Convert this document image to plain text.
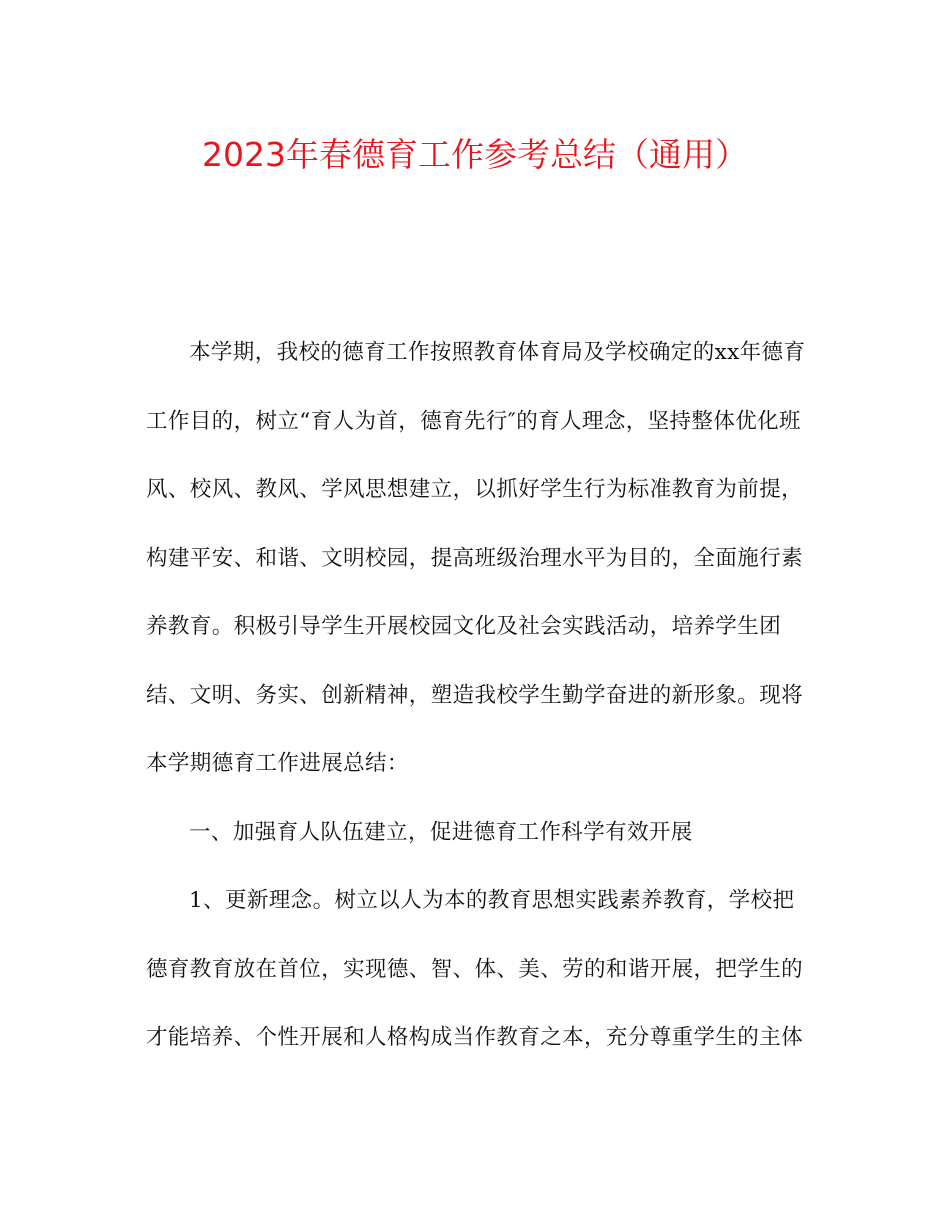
2023年春德育工作参考总结（通用）
本学期，我校的德育工作按照教育体育局及学校确定的xx年德育
工作目的，树立“育人为首，德育先行″的育人理念，坚持整体优化班
风、校风、教风、学风思想建立，以抓好学生行为标准教育为前提，
构建平安、和谐、文明校园，提高班级治理水平为目的，全面施行素
养教育。积极引导学生开展校园文化及社会实践活动，培养学生团
结、文明、务实、创新精神，塑造我校学生勤学奋进的新形象。现将
本学期德育工作进展总结：
一、加强育人队伍建立，促进德育工作科学有效开展
1、更新理念。树立以人为本的教育思想实践素养教育，学校把
德育教育放在首位，实现德、智、体、美、劳的和谐开展，把学生的
才能培养、个性开展和人格构成当作教育之本，充分尊重学生的主体
